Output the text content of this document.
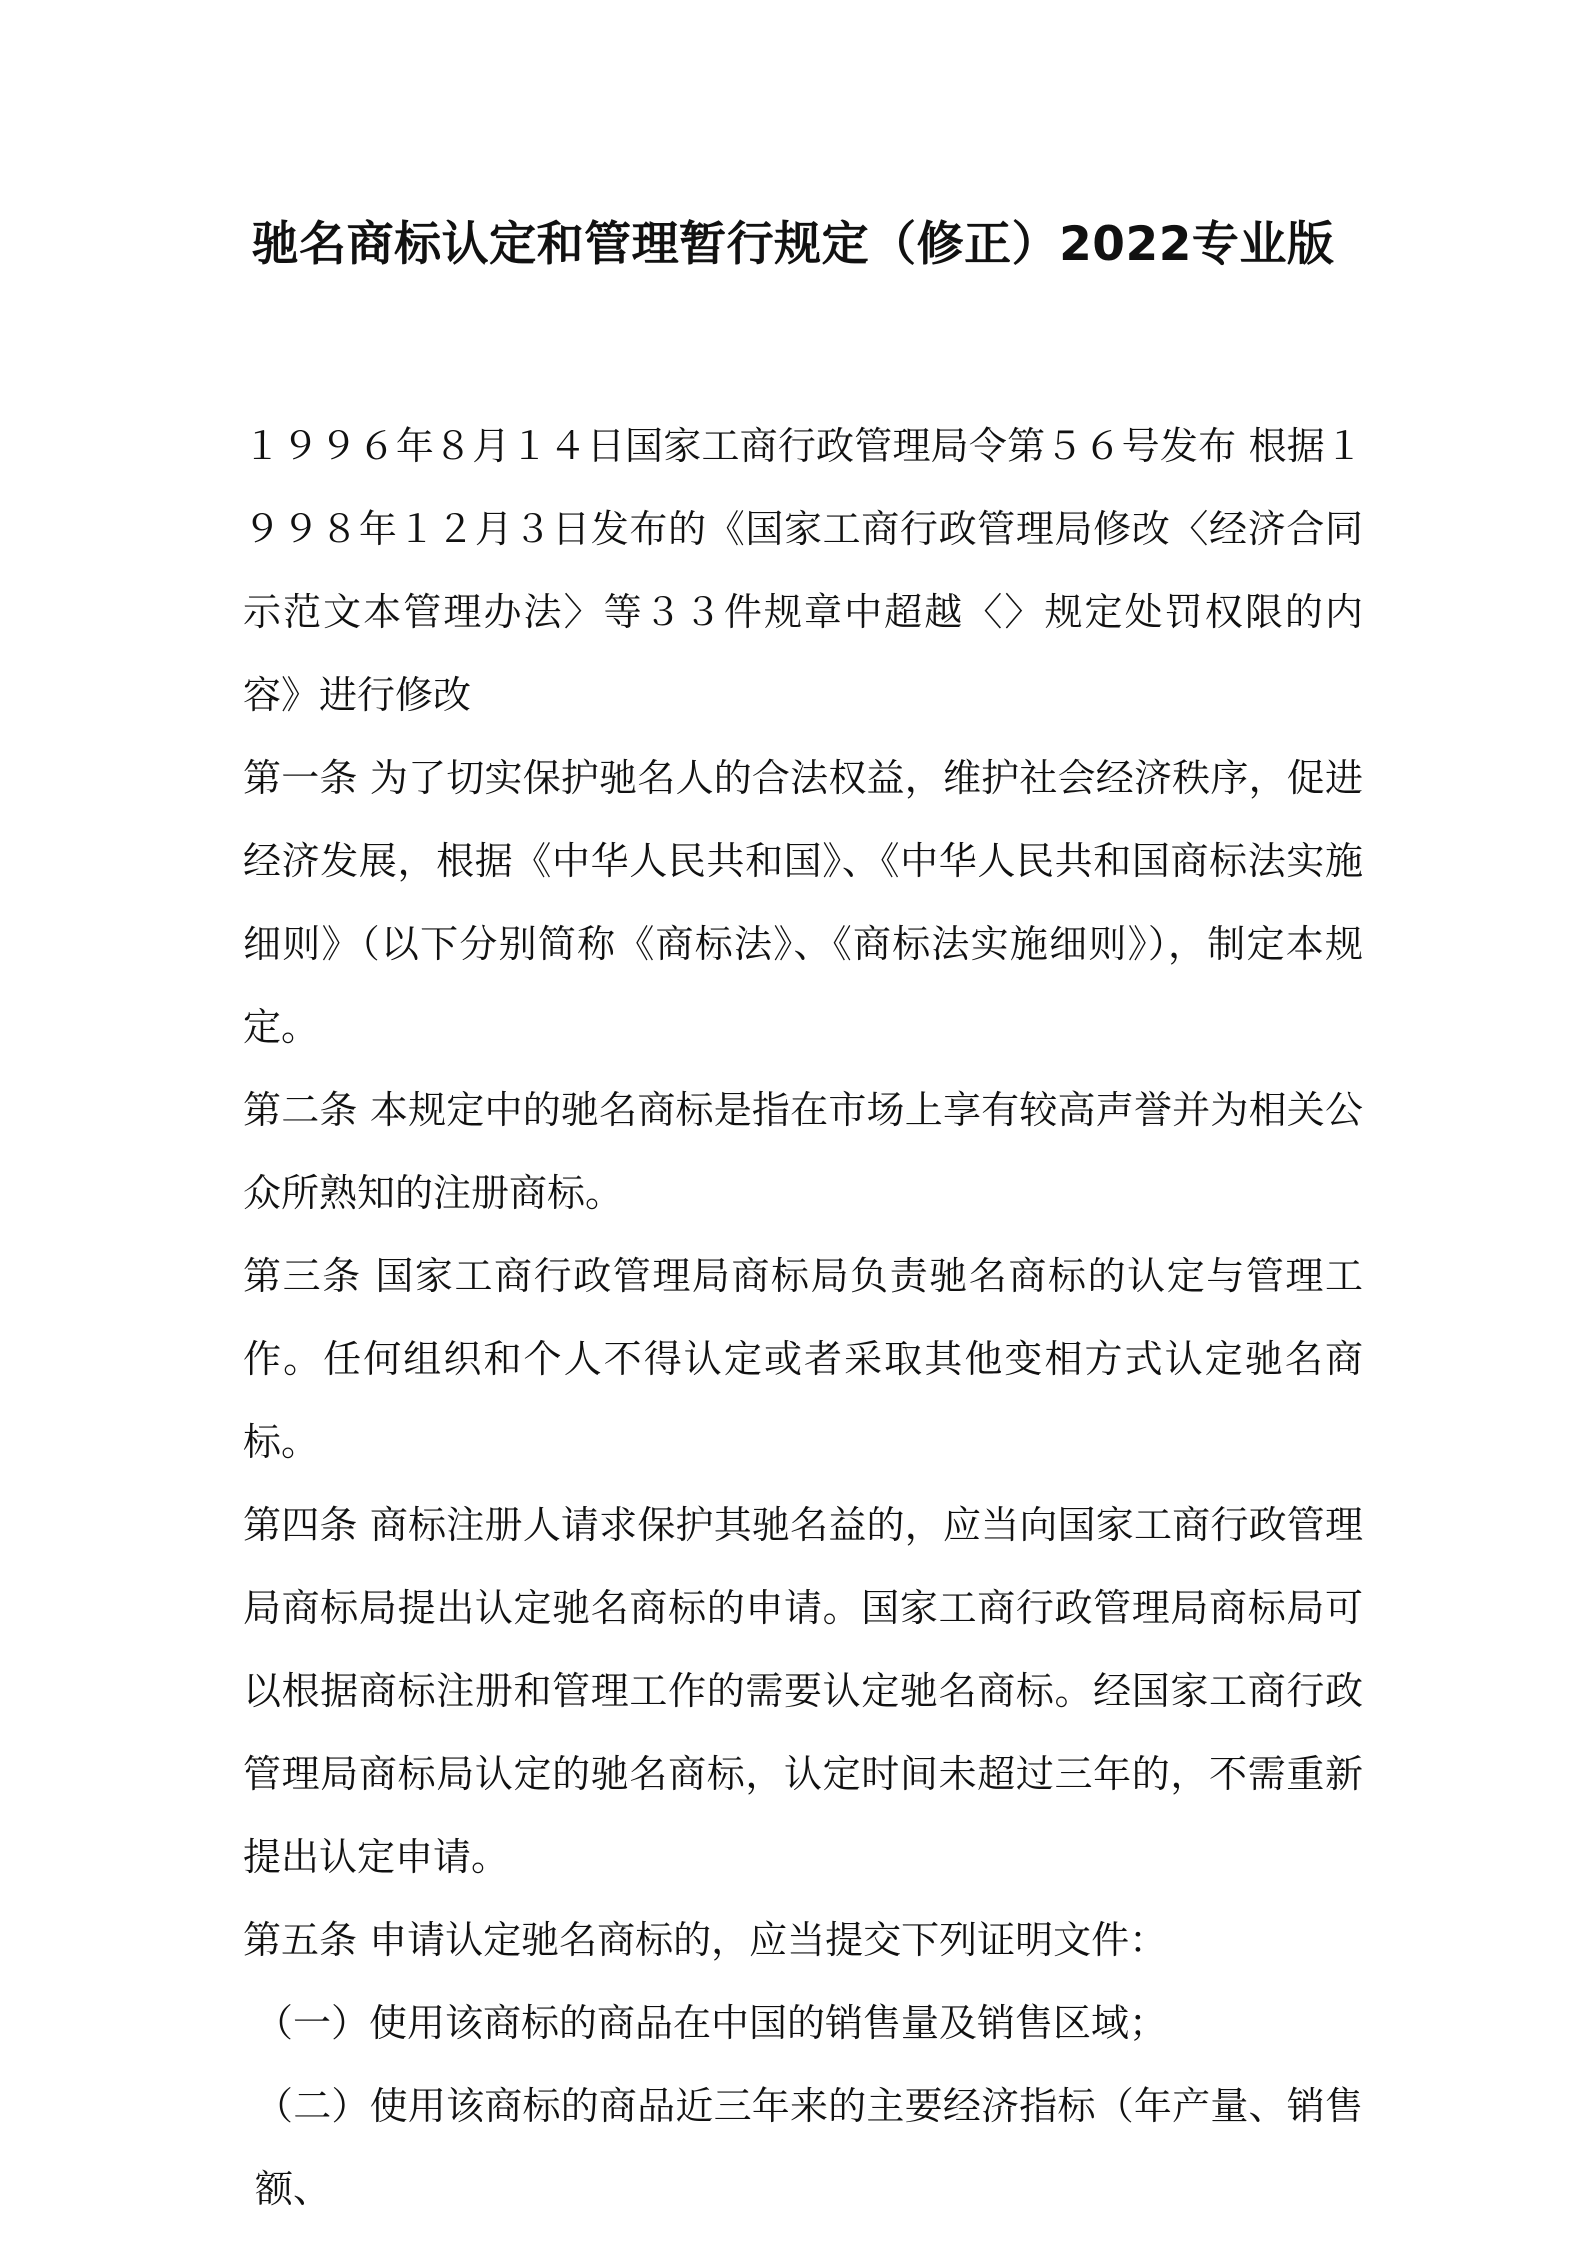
驰名商标认定和管理暂行规定（修正）2022专业版

１９９６年８月１４日国家工商行政管理局令第５６号发布 根据１９９８年１２月３日发布的《国家工商行政管理局修改〈经济合同示范文本管理办法〉等３３件规章中超越〈〉规定处罚权限的内容》进行修改

第一条 为了切实保护驰名人的合法权益，维护社会经济秩序，促进经济发展，根据《中华人民共和国》、《中华人民共和国商标法实施细则》（以下分别简称《商标法》、《商标法实施细则》），制定本规定。

第二条 本规定中的驰名商标是指在市场上享有较高声誉并为相关公众所熟知的注册商标。

第三条 国家工商行政管理局商标局负责驰名商标的认定与管理工作。任何组织和个人不得认定或者采取其他变相方式认定驰名商标。

第四条 商标注册人请求保护其驰名益的，应当向国家工商行政管理局商标局提出认定驰名商标的申请。国家工商行政管理局商标局可以根据商标注册和管理工作的需要认定驰名商标。经国家工商行政管理局商标局认定的驰名商标，认定时间未超过三年的，不需重新提出认定申请。

第五条 申请认定驰名商标的，应当提交下列证明文件：

（一）使用该商标的商品在中国的销售量及销售区域；

（二）使用该商标的商品近三年来的主要经济指标（年产量、销售额、
